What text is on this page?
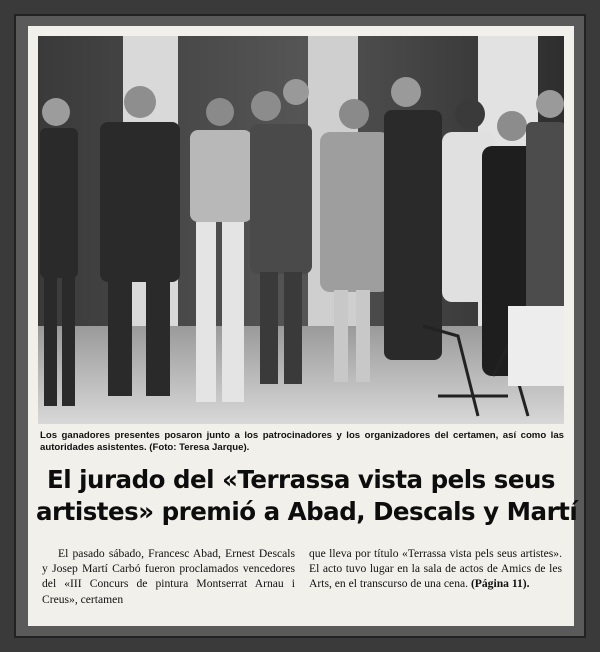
Los ganadores presentes posaron junto a los patrocinadores y los organizadores del certamen, así como las autoridades asistentes. (Foto: Teresa Jarque).
El jurado del «Terrassa vista pels seus
artistes» premió a Abad, Descals y Martí

El pasado sábado, Francesc Abad, Ernest Descals y Josep Martí Carbó fueron proclamados vencedores del «III Concurs de pintura Montserrat Arnau i Creus», certamen

que lleva por título «Terrassa vista pels seus artistes». El acto tuvo lugar en la sala de actos de Amics de les Arts, en el transcurso de una cena. (Página 11).
